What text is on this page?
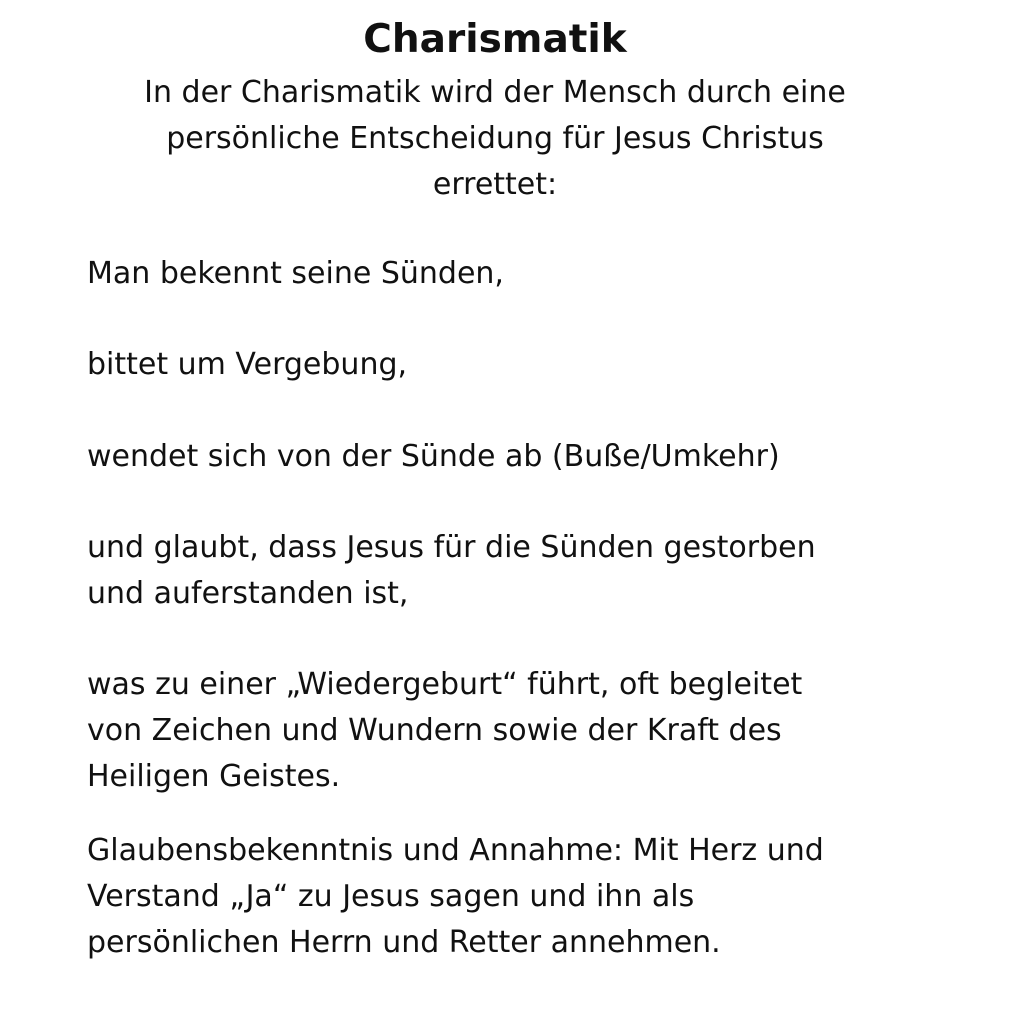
Charismatik

In der Charismatik wird der Mensch durch eine
persönliche Entscheidung für Jesus Christus
errettet:

Man bekennt seine Sünden,

bittet um Vergebung,

wendet sich von der Sünde ab (Buße/Umkehr)

und glaubt, dass Jesus für die Sünden gestorben
und auferstanden ist,

was zu einer „Wiedergeburt“ führt, oft begleitet
von Zeichen und Wundern sowie der Kraft des
Heiligen Geistes.

Glaubensbekenntnis und Annahme: Mit Herz und
Verstand „Ja“ zu Jesus sagen und ihn als
persönlichen Herrn und Retter annehmen.
